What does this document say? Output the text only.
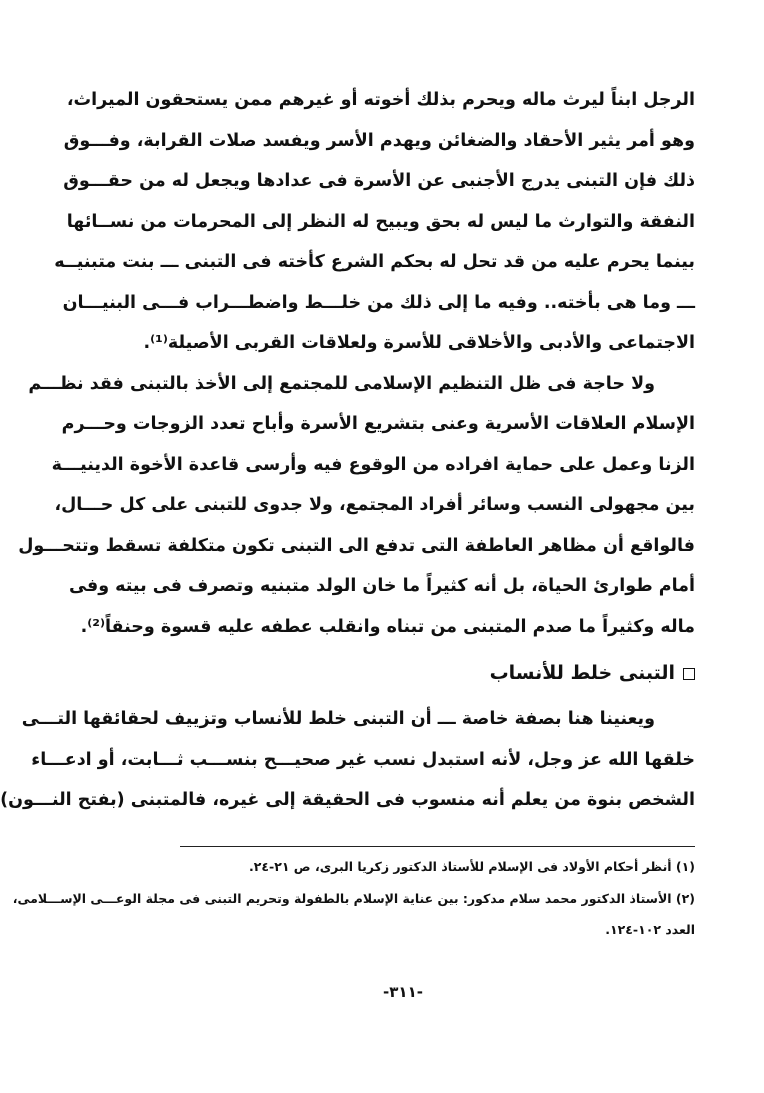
الرجل ابناً ليرث ماله ويحرم بذلك أخوته أو غيرهم ممن يستحقون الميراث،

وهو أمر يثير الأحقاد والضغائن ويهدم الأسر ويفسد صلات القرابة، وفـــوق

ذلك فإن التبنى يدرج الأجنبى عن الأسرة فى عدادها ويجعل له من حقـــوق

النفقة والتوارث ما ليس له بحق ويبيح له النظر إلى المحرمات من نســائها

بينما يحرم عليه من قد تحل له بحكم الشرع كأخته فى التبنى ـــ بنت متبنيــه

ـــ وما هى بأخته.. وفيه ما إلى ذلك من خلـــط واضطـــراب فـــى البنيـــان

الاجتماعى والأدبى والأخلاقى للأسرة ولعلاقات القربى الأصيلة⁽¹⁾.

ولا حاجة فى ظل التنظيم الإسلامى للمجتمع إلى الأخذ بالتبنى فقد نظـــم

الإسلام العلاقات الأسرية وعنى بتشريع الأسرة وأباح تعدد الزوجات وحـــرم

الزنا وعمل على حماية افراده من الوقوع فيه وأرسى قاعدة الأخوة الدينيـــة

بين مجهولى النسب وسائر أفراد المجتمع، ولا جدوى للتبنى على كل حـــال،

فالواقع أن مظاهر العاطفة التى تدفع الى التبنى تكون متكلفة تسقط وتتحـــول

أمام طوارئ الحياة، بل أنه كثيراً ما خان الولد متبنيه وتصرف فى بيته وفى

ماله وكثيراً ما صدم المتبنى من تبناه وانقلب عطفه عليه قسوة وحنقاً⁽²⁾.

التبنى خلط للأنساب

ويعنينا هنا بصفة خاصة ـــ أن التبنى خلط للأنساب وتزييف لحقائقها التـــى

خلقها الله عز وجل، لأنه استبدل نسب غير صحيـــح بنســـب ثـــابت، أو ادعـــاء

الشخص بنوة من يعلم أنه منسوب فى الحقيقة إلى غيره، فالمتبنى (بفتح النـــون)

(١) أنظر أحكام الأولاد فى الإسلام للأستاذ الدكتور زكريا البرى، ص ٢١-٢٤.
(٢) الأستاذ الدكتور محمد سلام مدكور: بين عناية الإسلام بالطفولة وتحريم التبنى فى مجلة الوعـــى الإســـلامى،
العدد ١٠٢-١٢٤.
-٣١١-
